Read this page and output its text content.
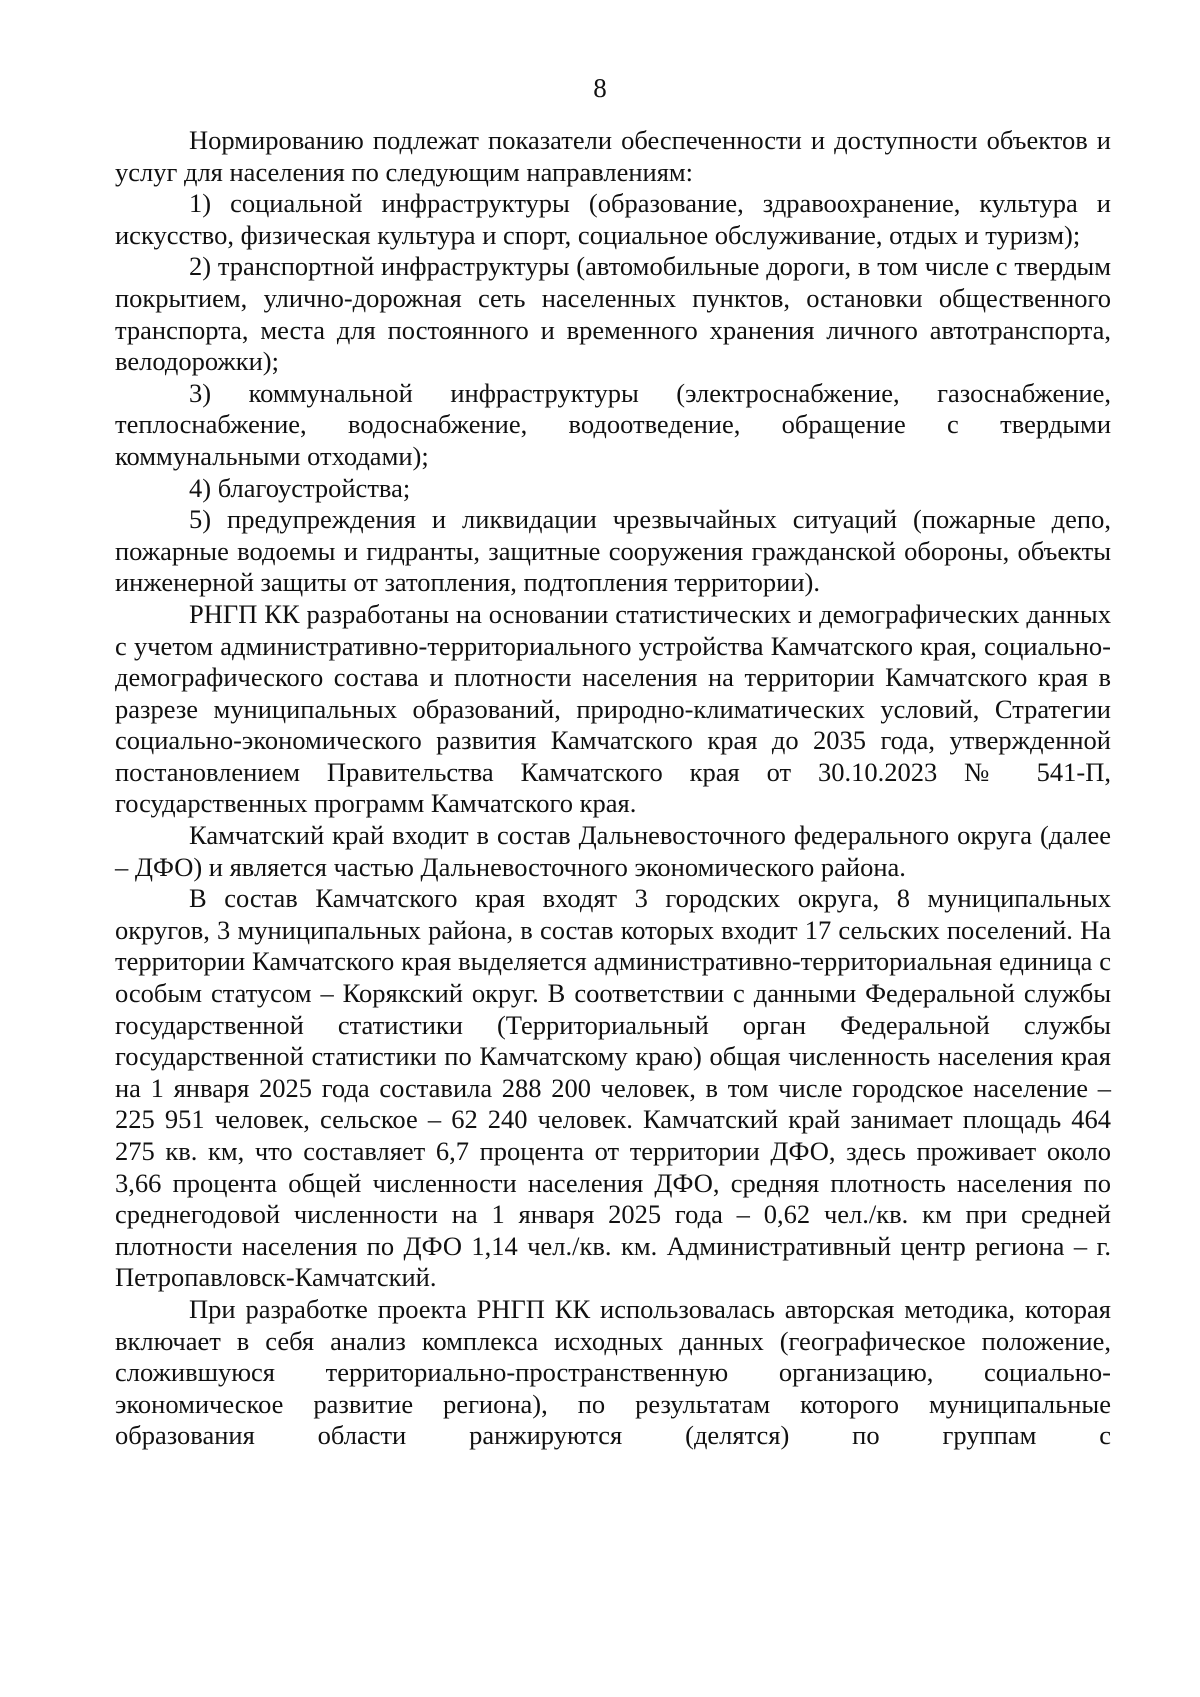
8

Нормированию подлежат показатели обеспеченности и доступности объектов и услуг для населения по следующим направлениям:

1) социальной инфраструктуры (образование, здравоохранение, культура и искусство, физическая культура и спорт, социальное обслуживание, отдых и туризм);

2) транспортной инфраструктуры (автомобильные дороги, в том числе с твердым покрытием, улично-дорожная сеть населенных пунктов, остановки общественного транспорта, места для постоянного и временного хранения личного автотранспорта, велодорожки);

3) коммунальной инфраструктуры (электроснабжение, газоснабжение, теплоснабжение, водоснабжение, водоотведение, обращение с твердыми коммунальными отходами);

4) благоустройства;

5) предупреждения и ликвидации чрезвычайных ситуаций (пожарные депо, пожарные водоемы и гидранты, защитные сооружения гражданской обороны, объекты инженерной защиты от затопления, подтопления территории).

РНГП КК разработаны на основании статистических и демографических данных с учетом административно-территориального устройства Камчатского края, социально-демографического состава и плотности населения на территории Камчатского края в разрезе муниципальных образований, природно-климатических условий, Стратегии социально-экономического развития Камчатского края до 2035 года, утвержденной постановлением Правительства Камчатского края от 30.10.2023 № 541-П, государственных программ Камчатского края.

Камчатский край входит в состав Дальневосточного федерального округа (далее – ДФО) и является частью Дальневосточного экономического района.

В состав Камчатского края входят 3 городских округа, 8 муниципальных округов, 3 муниципальных района, в состав которых входит 17 сельских поселений. На территории Камчатского края выделяется административно-территориальная единица с особым статусом – Корякский округ. В соответствии с данными Федеральной службы государственной статистики (Территориальный орган Федеральной службы государственной статистики по Камчатскому краю) общая численность населения края на 1 января 2025 года составила 288 200 человек, в том числе городское население – 225 951 человек, сельское – 62 240 человек. Камчатский край занимает площадь 464 275 кв. км, что составляет 6,7 процента от территории ДФО, здесь проживает около 3,66 процента общей численности населения ДФО, средняя плотность населения по среднегодовой численности на 1 января 2025 года – 0,62 чел./кв. км при средней плотности населения по ДФО 1,14 чел./кв. км. Административный центр региона – г. Петропавловск-Камчатский.

При разработке проекта РНГП КК использовалась авторская методика, которая включает в себя анализ комплекса исходных данных (географическое положение, сложившуюся территориально-пространственную организацию, социально-экономическое развитие региона), по результатам которого муниципальные образования области ранжируются (делятся) по группам с
